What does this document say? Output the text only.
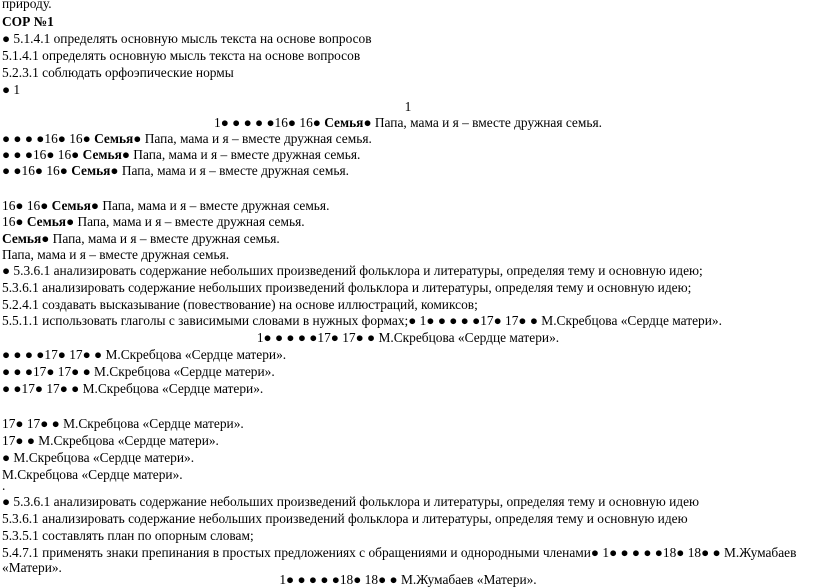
природу.
СОР №1
● 5.1.4.1 определять основную мысль текста на основе вопросов
5.1.4.1 определять основную мысль текста на основе вопросов
5.2.3.1 соблюдать орфоэпические нормы
● 1
1
1● ● ● ● ●16● 16● Семья● Папа, мама и я – вместе дружная семья.
● ● ● ●16● 16● Семья● Папа, мама и я – вместе дружная семья.
● ● ●16● 16● Семья● Папа, мама и я – вместе дружная семья.
● ●16● 16● Семья● Папа, мама и я – вместе дружная семья.
16● 16● Семья● Папа, мама и я – вместе дружная семья.
16● Семья● Папа, мама и я – вместе дружная семья.
Семья● Папа, мама и я – вместе дружная семья.
Папа, мама и я – вместе дружная семья.
● 5.3.6.1 анализировать содержание небольших произведений фольклора и литературы, определяя тему и основную идею;
5.3.6.1 анализировать содержание небольших произведений фольклора и литературы, определяя тему и основную идею;
5.2.4.1 создавать высказывание (повествование) на основе иллюстраций, комиксов;
5.5.1.1 использовать глаголы с зависимыми словами в нужных формах;● 1● ● ● ● ●17● 17● ● М.Скребцова «Сердце матери».
1● ● ● ● ●17● 17● ● М.Скребцова «Сердце матери».
● ● ● ●17● 17● ● М.Скребцова «Сердце матери».
● ● ●17● 17● ● М.Скребцова «Сердце матери».
● ●17● 17● ● М.Скребцова «Сердце матери».
17● 17● ● М.Скребцова «Сердце матери».
17● ● М.Скребцова «Сердце матери».
● М.Скребцова «Сердце матери».
М.Скребцова «Сердце матери».
.
● 5.3.6.1 анализировать содержание небольших произведений фольклора и литературы, определяя тему и основную идею
5.3.6.1 анализировать содержание небольших произведений фольклора и литературы, определяя тему и основную идею
5.3.5.1 составлять план по опорным словам;
5.4.7.1 применять знаки препинания в простых предложениях с обращениями и однородными членами● 1● ● ● ● ●18● 18● ● М.Жумабаев
«Матери».
1● ● ● ● ●18● 18● ● М.Жумабаев «Матери».
